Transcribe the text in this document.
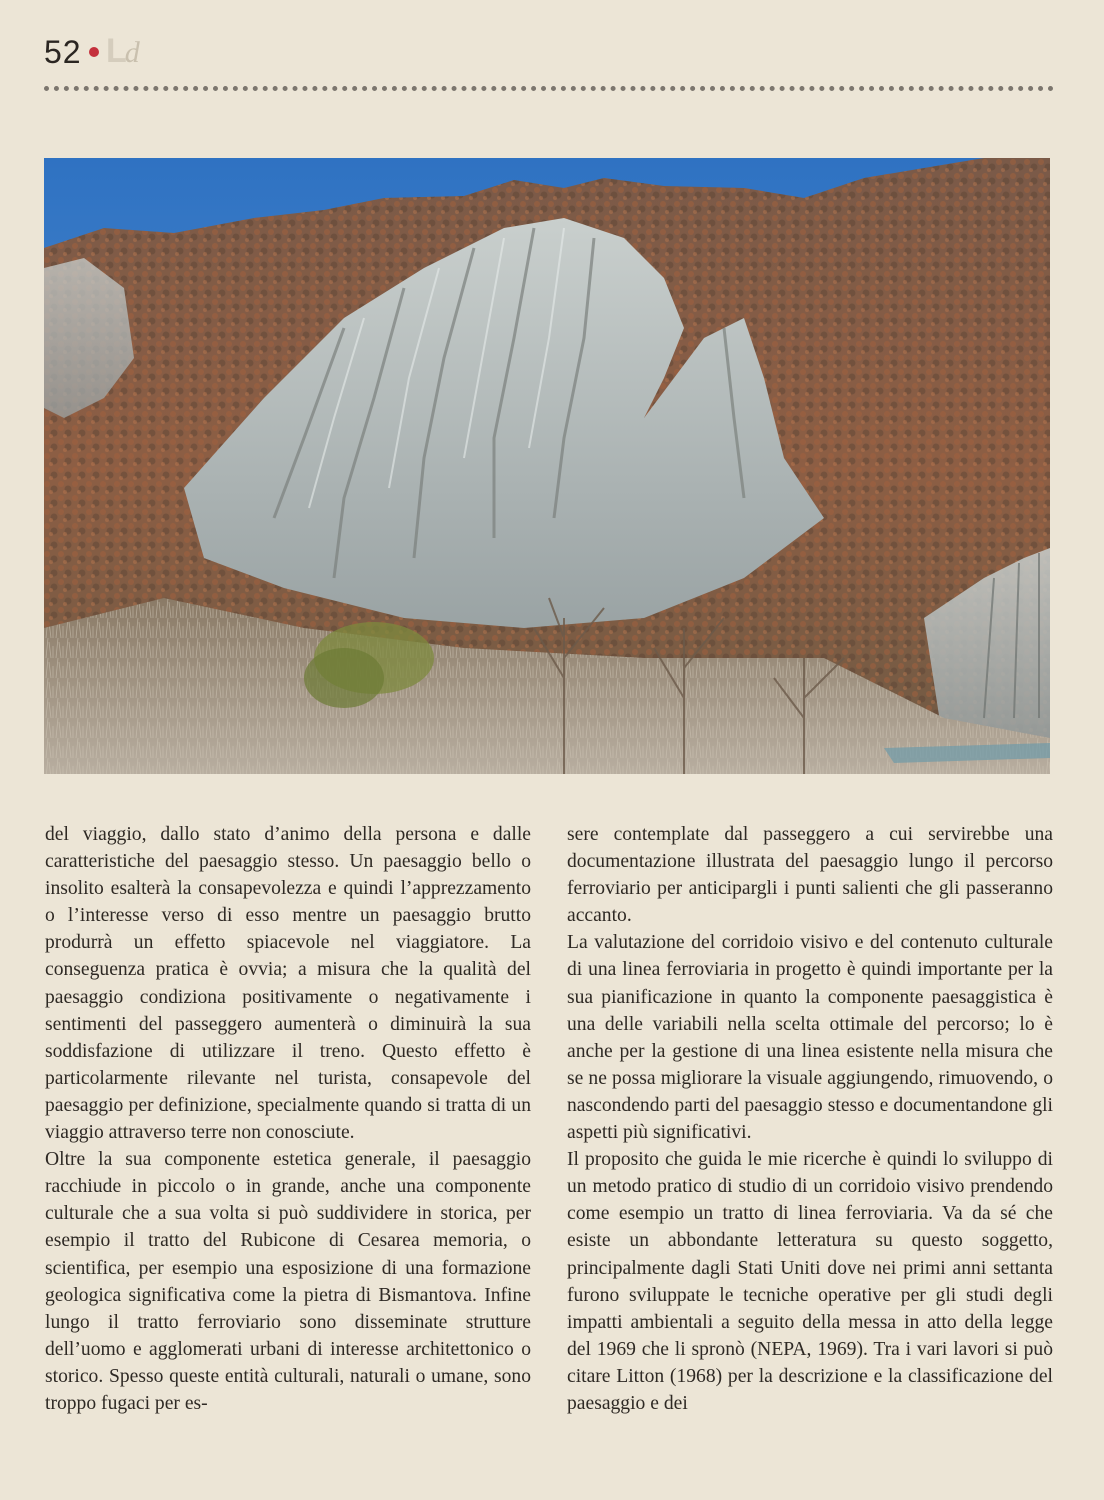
52 Ld

del viaggio, dallo stato d’animo della persona e dalle caratteristiche del paesaggio stesso. Un paesaggio bello o insolito esalterà la consapevolezza e quindi l’apprezzamento o l’interesse verso di esso mentre un paesaggio brutto produrrà un effetto spiacevole nel viaggiatore. La conseguenza pratica è ovvia; a misura che la qualità del paesaggio condiziona positivamente o negativamente i sentimenti del passeggero aumenterà o diminuirà la sua soddisfazione di utilizzare il treno. Questo effetto è particolarmente rilevante nel turista, consapevole del paesaggio per definizione, specialmente quando si tratta di un viaggio attraverso terre non conosciute.

Oltre la sua componente estetica generale, il paesaggio racchiude in piccolo o in grande, anche una componente culturale che a sua volta si può suddividere in storica, per esempio il tratto del Rubicone di Cesarea memoria, o scientifica, per esempio una esposizione di una formazione geologica significativa come la pietra di Bismantova. Infine lungo il tratto ferroviario sono disseminate strutture dell’uomo e agglomerati urbani di interesse architettonico o storico. Spesso queste entità culturali, naturali o umane, sono troppo fugaci per es-

sere contemplate dal passeggero a cui servirebbe una documentazione illustrata del paesaggio lungo il percorso ferroviario per anticipargli i punti salienti che gli passeranno accanto.

La valutazione del corridoio visivo e del contenuto culturale di una linea ferroviaria in progetto è quindi importante per la sua pianificazione in quanto la componente paesaggistica è una delle variabili nella scelta ottimale del percorso; lo è anche per la gestione di una linea esistente nella misura che se ne possa migliorare la visuale aggiungendo, rimuovendo, o nascondendo parti del paesaggio stesso e documentandone gli aspetti più significativi.

Il proposito che guida le mie ricerche è quindi lo sviluppo di un metodo pratico di studio di un corridoio visivo prendendo come esempio un tratto di linea ferroviaria. Va da sé che esiste un abbondante letteratura su questo soggetto, principalmente dagli Stati Uniti dove nei primi anni settanta furono sviluppate le tecniche operative per gli studi degli impatti ambientali a seguito della messa in atto della legge del 1969 che li spronò (NEPA, 1969). Tra i vari lavori si può citare Litton (1968) per la descrizione e la classificazione del paesaggio e dei
